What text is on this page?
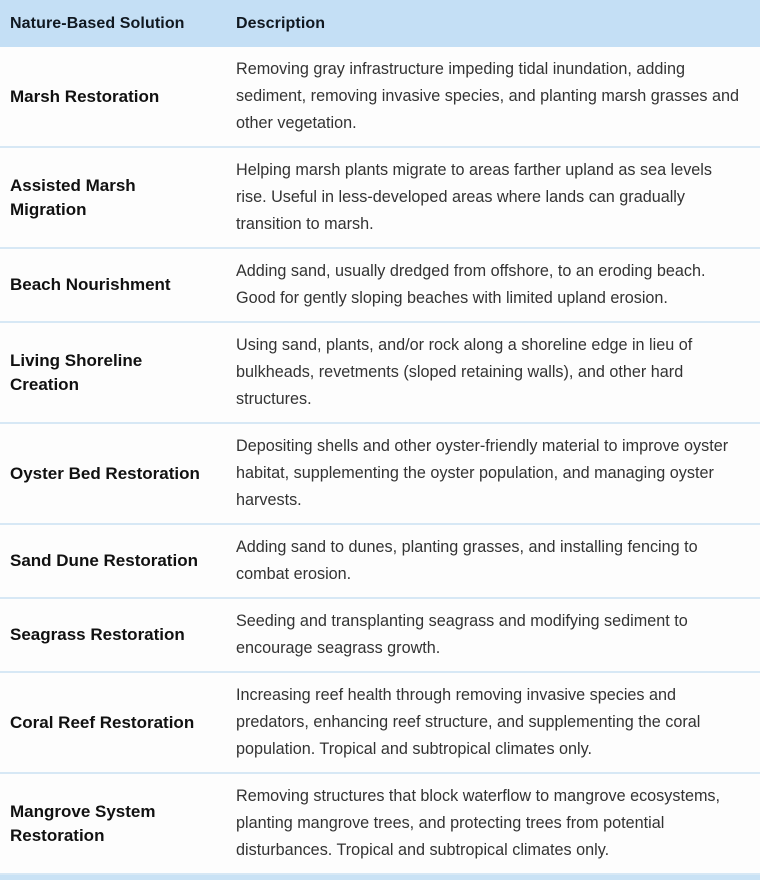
Nature-Based Solution	Description
Marsh Restoration
Removing gray infrastructure impeding tidal inundation, adding sediment, removing invasive species, and planting marsh grasses and other vegetation.
Assisted Marsh Migration
Helping marsh plants migrate to areas farther upland as sea levels rise. Useful in less-developed areas where lands can gradually transition to marsh.
Beach Nourishment
Adding sand, usually dredged from offshore, to an eroding beach. Good for gently sloping beaches with limited upland erosion.
Living Shoreline Creation
Using sand, plants, and/or rock along a shoreline edge in lieu of bulkheads, revetments (sloped retaining walls), and other hard structures.
Oyster Bed Restoration
Depositing shells and other oyster-friendly material to improve oyster habitat, supplementing the oyster population, and managing oyster harvests.
Sand Dune Restoration
Adding sand to dunes, planting grasses, and installing fencing to combat erosion.
Seagrass Restoration
Seeding and transplanting seagrass and modifying sediment to encourage seagrass growth.
Coral Reef Restoration
Increasing reef health through removing invasive species and predators, enhancing reef structure, and supplementing the coral population. Tropical and subtropical climates only.
Mangrove System Restoration
Removing structures that block waterflow to mangrove ecosystems, planting mangrove trees, and protecting trees from potential disturbances. Tropical and subtropical climates only.
